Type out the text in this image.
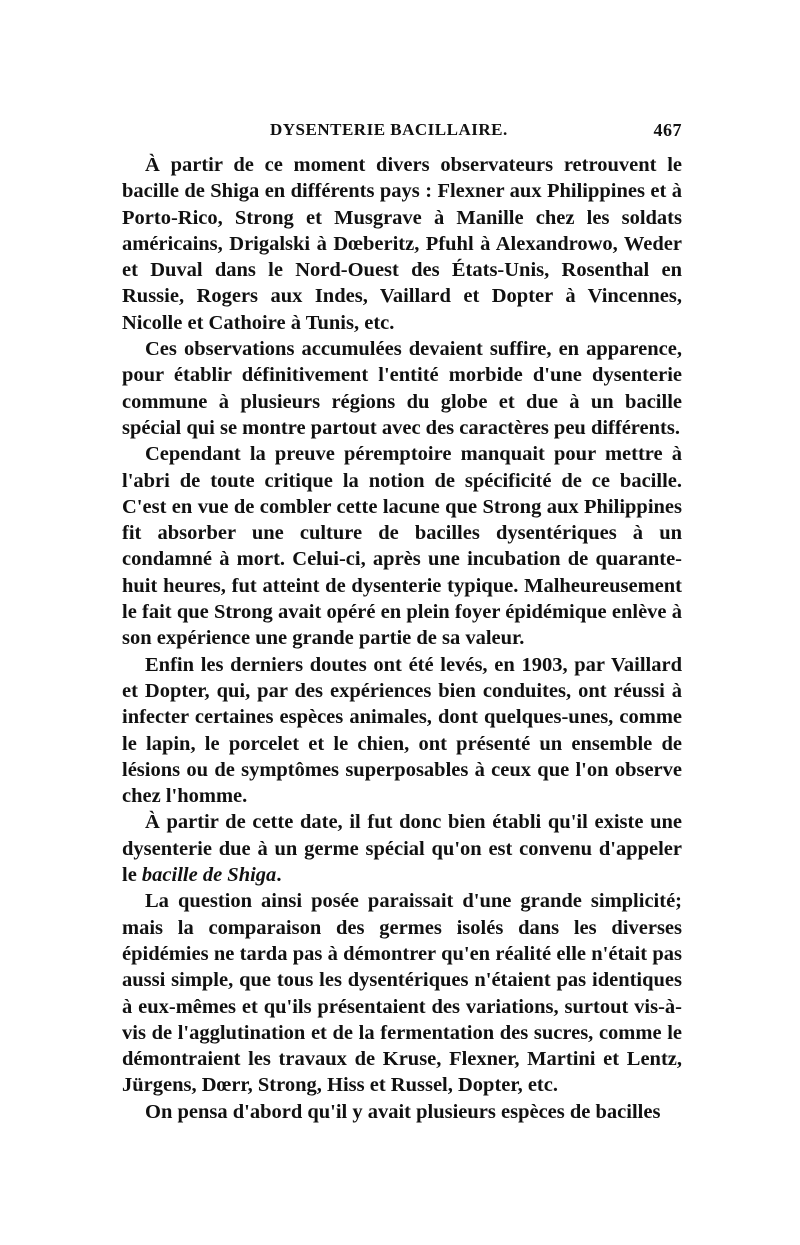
DYSENTERIE BACILLAIRE.	467

À partir de ce moment divers observateurs retrouvent le bacille de Shiga en différents pays : Flexner aux Philippines et à Porto-Rico, Strong et Musgrave à Manille chez les soldats américains, Drigalski à Dœberitz, Pfuhl à Alexandrowo, Weder et Duval dans le Nord-Ouest des États-Unis, Rosenthal en Russie, Rogers aux Indes, Vaillard et Dopter à Vincennes, Nicolle et Cathoire à Tunis, etc.

Ces observations accumulées devaient suffire, en apparence, pour établir définitivement l'entité morbide d'une dysenterie commune à plusieurs régions du globe et due à un bacille spécial qui se montre partout avec des caractères peu différents.

Cependant la preuve péremptoire manquait pour mettre à l'abri de toute critique la notion de spécificité de ce bacille. C'est en vue de combler cette lacune que Strong aux Philippines fit absorber une culture de bacilles dysentériques à un condamné à mort. Celui-ci, après une incubation de quarante-huit heures, fut atteint de dysenterie typique. Malheureusement le fait que Strong avait opéré en plein foyer épidémique enlève à son expérience une grande partie de sa valeur.

Enfin les derniers doutes ont été levés, en 1903, par Vaillard et Dopter, qui, par des expériences bien conduites, ont réussi à infecter certaines espèces animales, dont quelques-unes, comme le lapin, le porcelet et le chien, ont présenté un ensemble de lésions ou de symptômes superposables à ceux que l'on observe chez l'homme.

À partir de cette date, il fut donc bien établi qu'il existe une dysenterie due à un germe spécial qu'on est convenu d'appeler le bacille de Shiga.

La question ainsi posée paraissait d'une grande simplicité; mais la comparaison des germes isolés dans les diverses épidémies ne tarda pas à démontrer qu'en réalité elle n'était pas aussi simple, que tous les dysentériques n'étaient pas identiques à eux-mêmes et qu'ils présentaient des variations, surtout vis-à-vis de l'agglutination et de la fermentation des sucres, comme le démontraient les travaux de Kruse, Flexner, Martini et Lentz, Jürgens, Dœrr, Strong, Hiss et Russel, Dopter, etc.

On pensa d'abord qu'il y avait plusieurs espèces de bacilles
